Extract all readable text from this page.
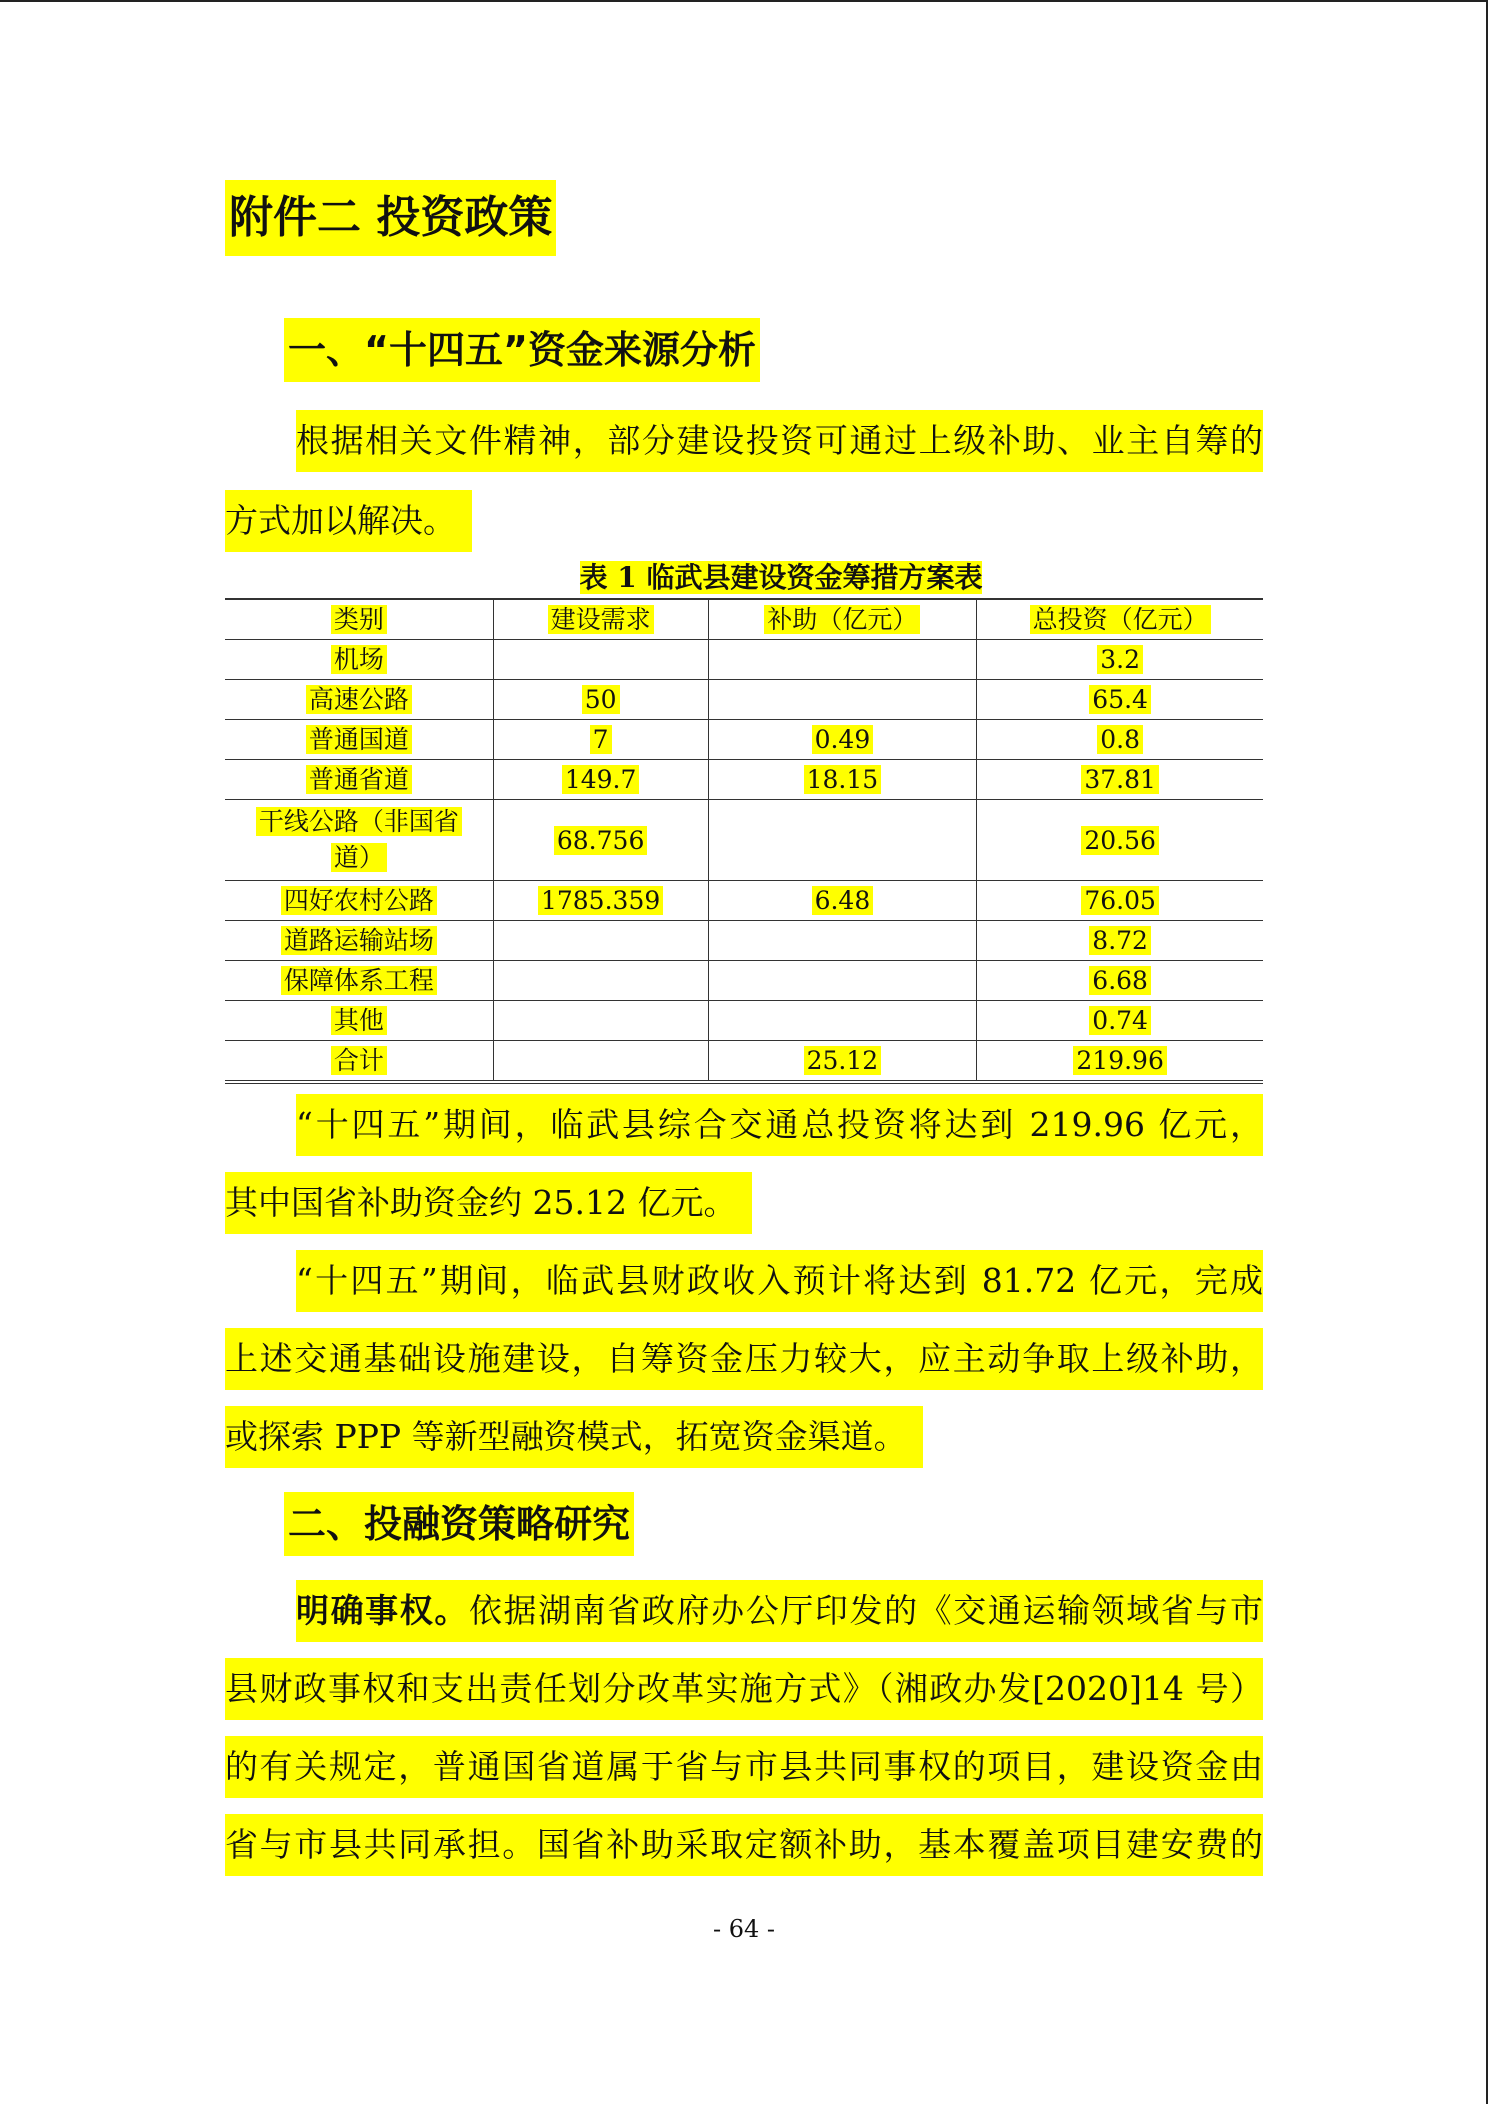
附件二 投资政策
一、“十四五”资金来源分析
根据相关文件精神，部分建设投资可通过上级补助、业主自筹的
方式加以解决。
表 1 临武县建设资金筹措方案表
类别	建设需求	补助（亿元）	总投资（亿元）
机场			3.2
高速公路	50		65.4
普通国道	7	0.49	0.8
普通省道	149.7	18.15	37.81
干线公路（非国省
道）	68.756		20.56
四好农村公路	1785.359	6.48	76.05
道路运输站场			8.72
保障体系工程			6.68
其他			0.74
合计		25.12	219.96
“十四五”期间，临武县综合交通总投资将达到 219.96 亿元，
其中国省补助资金约 25.12 亿元。
“十四五”期间，临武县财政收入预计将达到 81.72 亿元，完成
上述交通基础设施建设，自筹资金压力较大，应主动争取上级补助，
或探索 PPP 等新型融资模式，拓宽资金渠道。
二、投融资策略研究
明确事权。依据湖南省政府办公厅印发的《交通运输领域省与市
县财政事权和支出责任划分改革实施方式》（湘政办发[2020]14 号）
的有关规定，普通国省道属于省与市县共同事权的项目，建设资金由
省与市县共同承担。国省补助采取定额补助，基本覆盖项目建安费的
- 64 -
